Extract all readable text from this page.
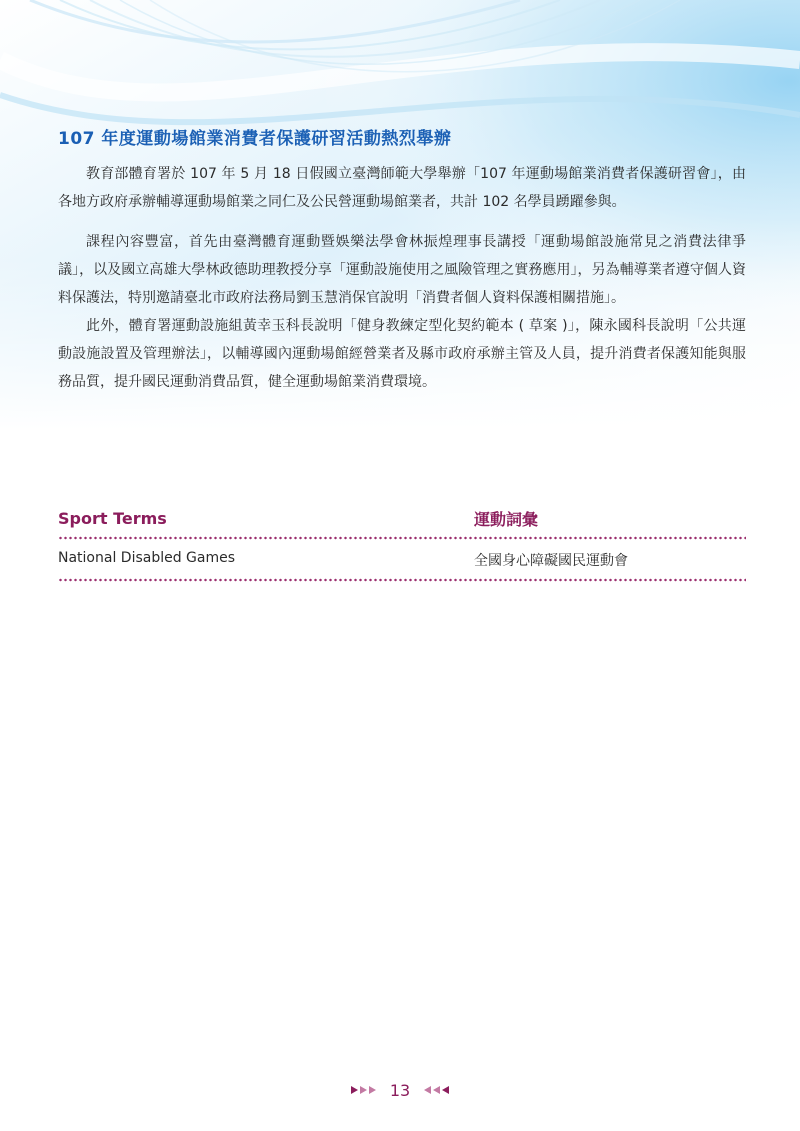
107 年度運動場館業消費者保護研習活動熱烈舉辦

教育部體育署於 107 年 5 月 18 日假國立臺灣師範大學舉辦「107 年運動場館業消費者保護研習會」，由各地方政府承辦輔導運動場館業之同仁及公民營運動場館業者，共計 102 名學員踴躍參與。

課程內容豐富，首先由臺灣體育運動暨娛樂法學會林振煌理事長講授「運動場館設施常見之消費法律爭議」，以及國立高雄大學林政德助理教授分享「運動設施使用之風險管理之實務應用」，另為輔導業者遵守個人資料保護法，特別邀請臺北市政府法務局劉玉慧消保官說明「消費者個人資料保護相關措施」。

此外，體育署運動設施組黃幸玉科長說明「健身教練定型化契約範本 ( 草案 )」，陳永國科長說明「公共運動設施設置及管理辦法」，以輔導國內運動場館經營業者及縣市政府承辦主管及人員，提升消費者保護知能與服務品質，提升國民運動消費品質，健全運動場館業消費環境。

Sport Terms	運動詞彙
National Disabled Games	全國身心障礙國民運動會
13
